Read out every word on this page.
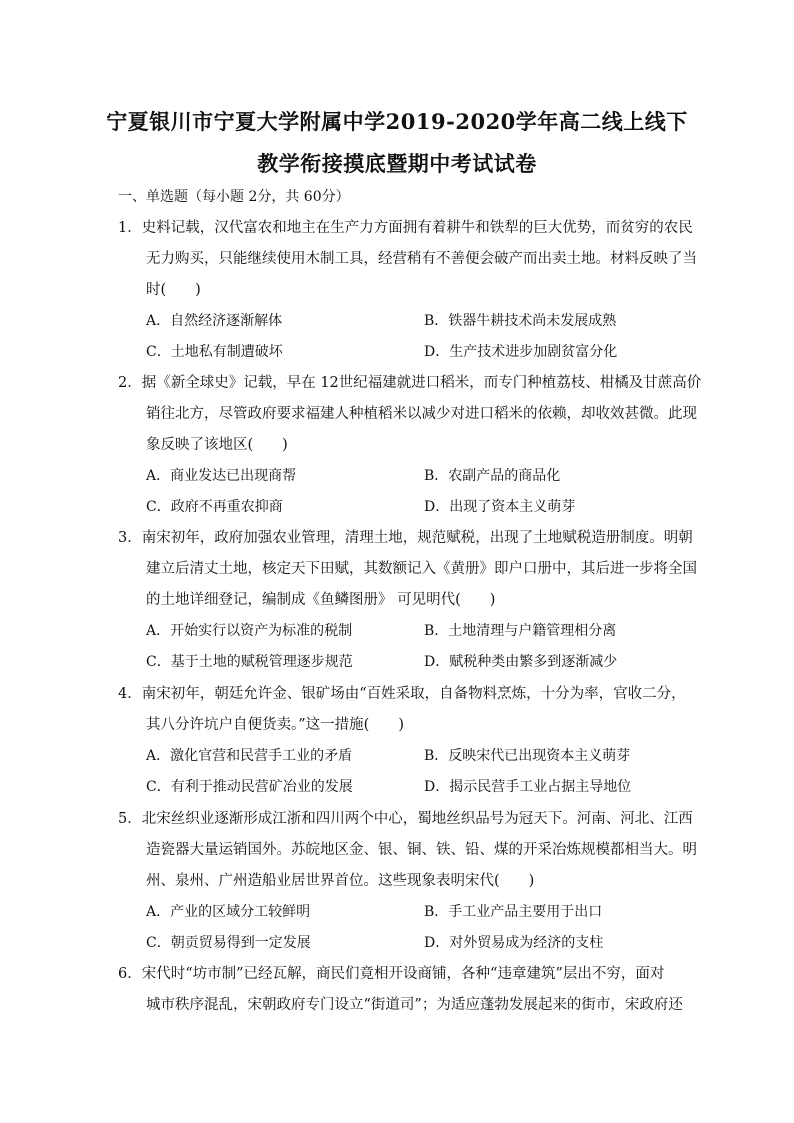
宁夏银川市宁夏大学附属中学2019-2020学年高二线上线下
教学衔接摸底暨期中考试试卷
一、单选题（每小题 2分，共 60分）
1．史料记载，汉代富农和地主在生产力方面拥有着耕牛和铁犁的巨大优势，而贫穷的农民
无力购买，只能继续使用木制工具，经营稍有不善便会破产而出卖土地。材料反映了当
时(　　)
A．自然经济逐渐解体	B．铁器牛耕技术尚未发展成熟
C．土地私有制遭破坏	D．生产技术进步加剧贫富分化
2．据《新全球史》记载，早在 12世纪福建就进口稻米，而专门种植荔枝、柑橘及甘蔗高价
销往北方，尽管政府要求福建人种植稻米以减少对进口稻米的依赖，却收效甚微。此现
象反映了该地区(　　)
A．商业发达已出现商帮	B．农副产品的商品化
C．政府不再重农抑商	D．出现了资本主义萌芽
3．南宋初年，政府加强农业管理，清理土地，规范赋税，出现了土地赋税造册制度。明朝
建立后清丈土地，核定天下田赋，其数额记入《黄册》即户口册中，其后进一步将全国
的土地详细登记，编制成《鱼鳞图册》 可见明代(　　)
A．开始实行以资产为标准的税制	B．土地清理与户籍管理相分离
C．基于土地的赋税管理逐步规范	D．赋税种类由繁多到逐渐减少
4．南宋初年，朝廷允许金、银矿场由“百姓采取，自备物料烹炼，十分为率，官收二分，
其八分许坑户自便货卖。”这一措施(　　)
A．激化官营和民营手工业的矛盾	B．反映宋代已出现资本主义萌芽
C．有利于推动民营矿冶业的发展	D．揭示民营手工业占据主导地位
5．北宋丝织业逐渐形成江浙和四川两个中心，蜀地丝织品号为冠天下。河南、河北、江西
造瓷器大量运销国外。苏皖地区金、银、铜、铁、铅、煤的开采冶炼规模都相当大。明
州、泉州、广州造船业居世界首位。这些现象表明宋代(　　)
A．产业的区域分工较鲜明	B．手工业产品主要用于出口
C．朝贡贸易得到一定发展	D．对外贸易成为经济的支柱
6．宋代时“坊市制”已经瓦解，商民们竟相开设商铺，各种“违章建筑”层出不穷，面对
城市秩序混乱，宋朝政府专门设立“街道司”；为适应蓬勃发展起来的街市，宋政府还
